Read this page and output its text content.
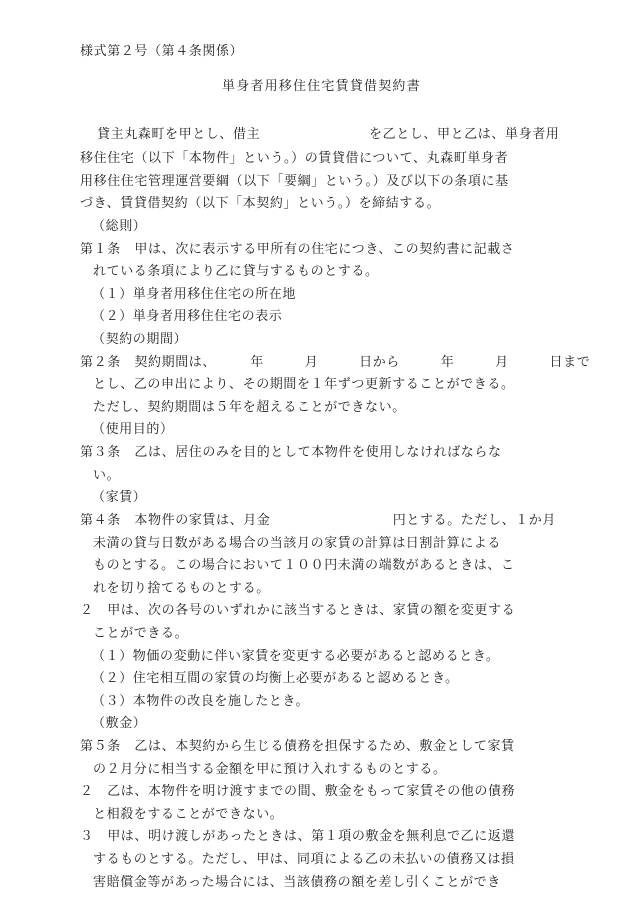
様式第２号（第４条関係）
単身者用移住住宅賃貸借契約書
貸主丸森町を甲とし、借主　　　　　　　　を乙とし、甲と乙は、単身者用
移住住宅（以下「本物件」という。）の賃貸借について、丸森町単身者
用移住住宅管理運営要綱（以下「要綱」という。）及び以下の条項に基
づき、賃貸借契約（以下「本契約」という。）を締結する。
（総則）
第１条　甲は、次に表示する甲所有の住宅につき、この契約書に記載さ
れている条項により乙に貸与するものとする。
（１）単身者用移住住宅の所在地
（２）単身者用移住住宅の表示
（契約の期間）
第２条　契約期間は、　　　年　　　月　　　日から　　　年　　　月　　　日まで
とし、乙の申出により、その期間を１年ずつ更新することができる。
ただし、契約期間は５年を超えることができない。
（使用目的）
第３条　乙は、居住のみを目的として本物件を使用しなければならな
い。
（家賃）
第４条　本物件の家賃は、月金　　　　　　　　　円とする。ただし、１か月
未満の貸与日数がある場合の当該月の家賃の計算は日割計算による
ものとする。この場合において１００円未満の端数があるときは、こ
れを切り捨てるものとする。
２　甲は、次の各号のいずれかに該当するときは、家賃の額を変更する
ことができる。
（１）物価の変動に伴い家賃を変更する必要があると認めるとき。
（２）住宅相互間の家賃の均衡上必要があると認めるとき。
（３）本物件の改良を施したとき。
（敷金）
第５条　乙は、本契約から生じる債務を担保するため、敷金として家賃
の２月分に相当する金額を甲に預け入れするものとする。
２　乙は、本物件を明け渡すまでの間、敷金をもって家賃その他の債務
と相殺をすることができない。
３　甲は、明け渡しがあったときは、第１項の敷金を無利息で乙に返還
するものとする。ただし、甲は、同項による乙の未払いの債務又は損
害賠償金等があった場合には、当該債務の額を差し引くことができ
